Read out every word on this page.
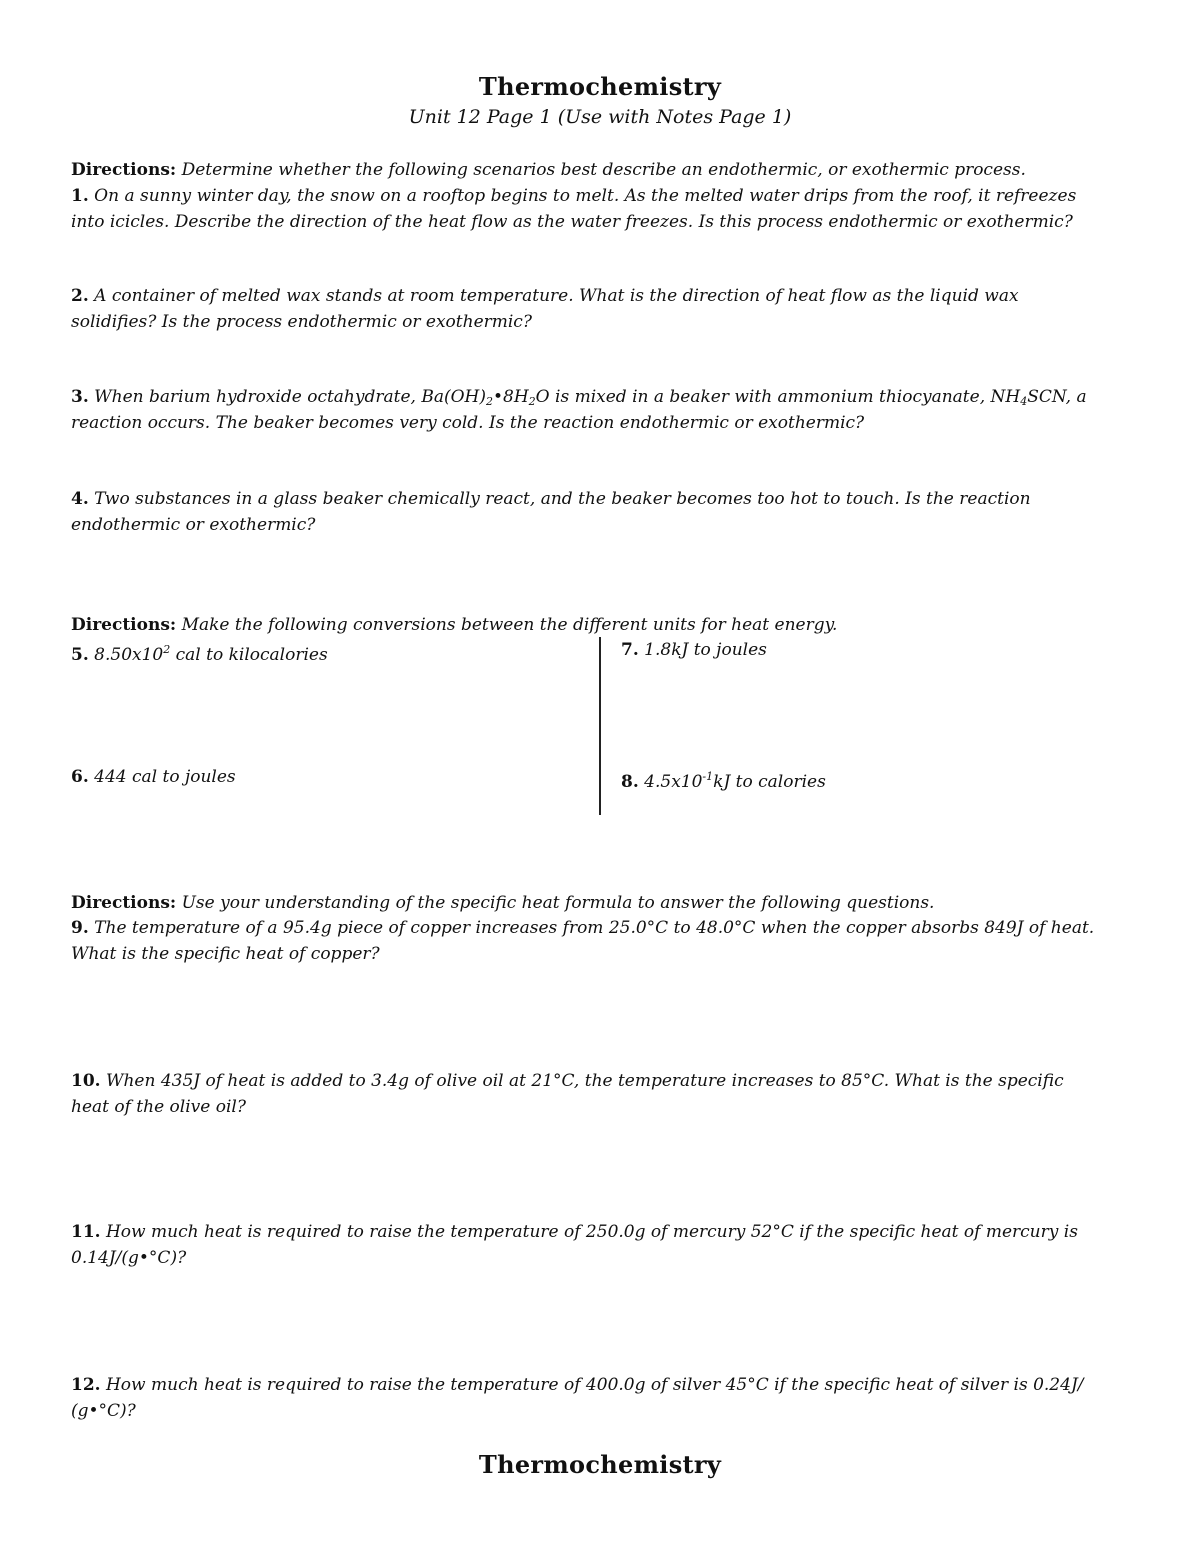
Thermochemistry
Unit 12 Page 1 (Use with Notes Page 1)
Directions: Determine whether the following scenarios best describe an endothermic, or exothermic process.
1. On a sunny winter day, the snow on a rooftop begins to melt. As the melted water drips from the roof, it refreezes
into icicles. Describe the direction of the heat flow as the water freezes. Is this process endothermic or exothermic?
2. A container of melted wax stands at room temperature. What is the direction of heat flow as the liquid wax
solidifies? Is the process endothermic or exothermic?
3. When barium hydroxide octahydrate, $Ba(OH)_2•8H_2O$ is mixed in a beaker with ammonium thiocyanate, $NH_4SCN$, a
reaction occurs. The beaker becomes very cold. Is the reaction endothermic or exothermic?
4. Two substances in a glass beaker chemically react, and the beaker becomes too hot to touch. Is the reaction
endothermic or exothermic?
Directions: Make the following conversions between the different units for heat energy.
5. $8.50x10^2$ cal to kilocalories	7. 1.8kJ to joules
6. 444 cal to joules	8. $4.5x10^{-1}kJ$ to calories
Directions: Use your understanding of the specific heat formula to answer the following questions.
9. The temperature of a 95.4g piece of copper increases from 25.0°C to 48.0°C when the copper absorbs 849J of heat.
What is the specific heat of copper?
10. When 435J of heat is added to 3.4g of olive oil at 21°C, the temperature increases to 85°C. What is the specific
heat of the olive oil?
11. How much heat is required to raise the temperature of 250.0g of mercury 52°C if the specific heat of mercury is
0.14J/(g•°C)?
12. How much heat is required to raise the temperature of 400.0g of silver 45°C if the specific heat of silver is 0.24J/
(g•°C)?
Thermochemistry
